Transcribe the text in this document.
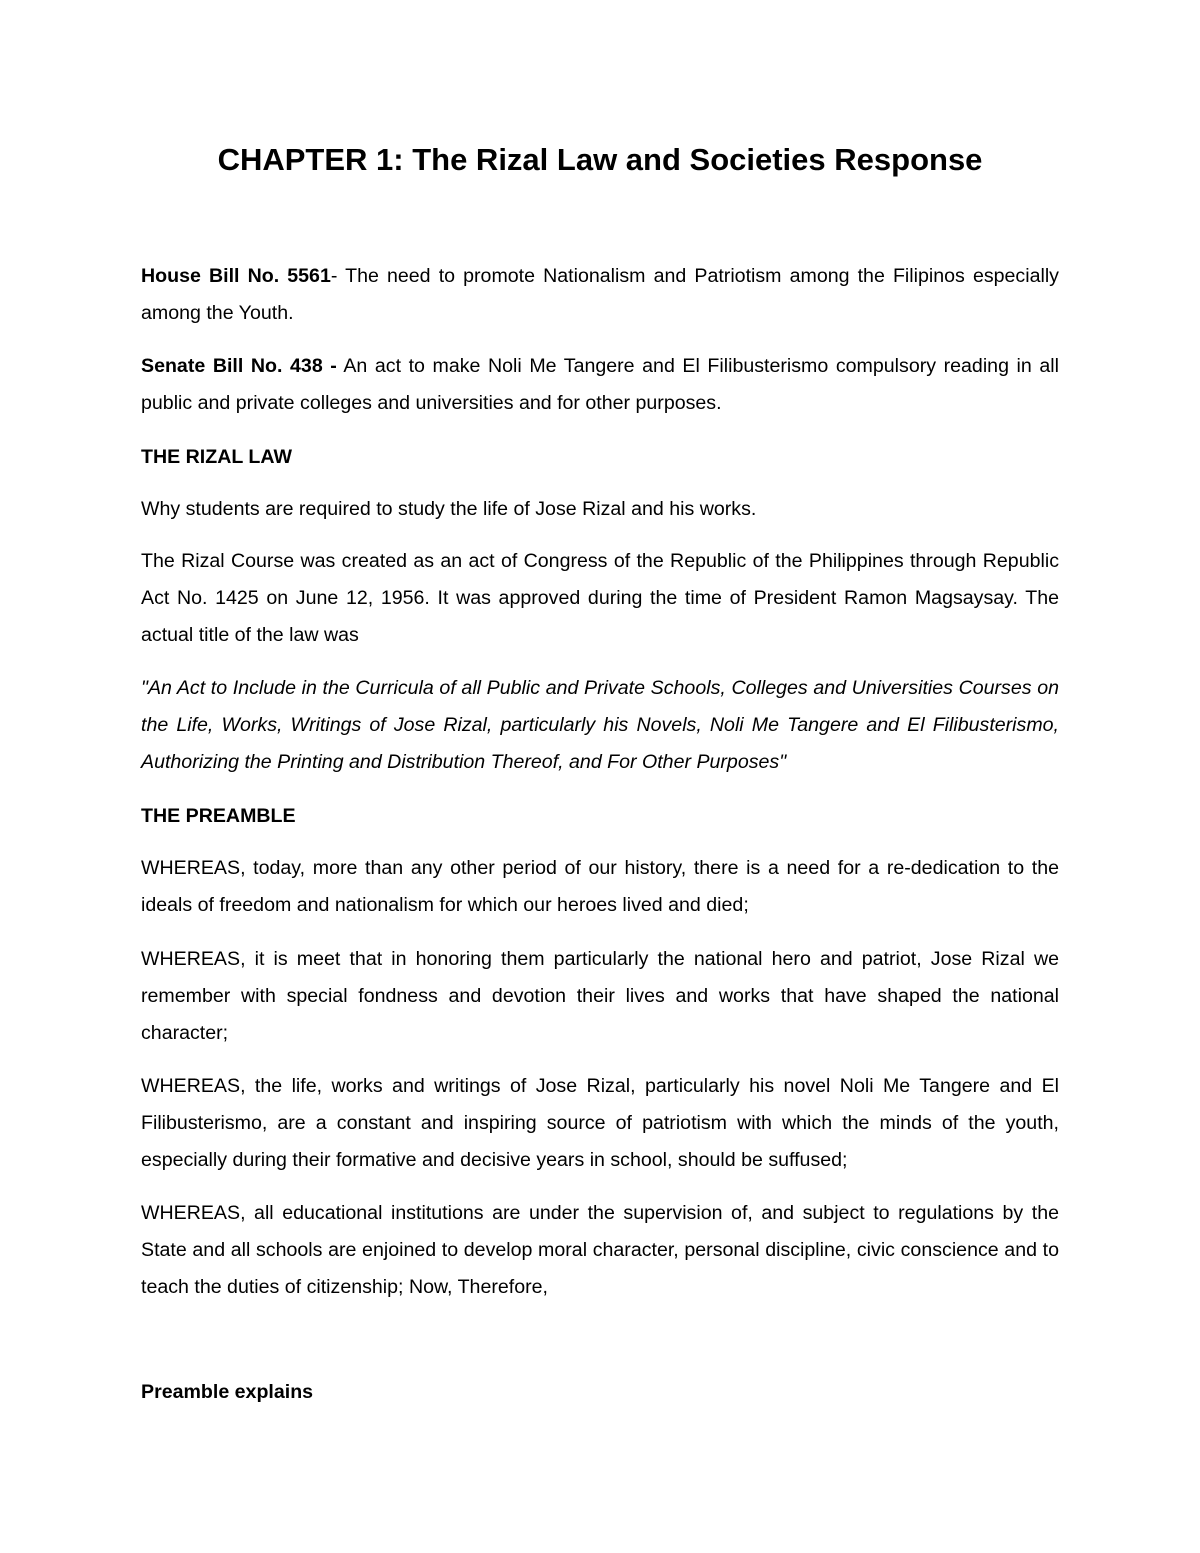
CHAPTER 1: The Rizal Law and Societies Response

House Bill No. 5561- The need to promote Nationalism and Patriotism among the Filipinos especially among the Youth.

Senate Bill No. 438 - An act to make Noli Me Tangere and El Filibusterismo compulsory reading in all public and private colleges and universities and for other purposes.

THE RIZAL LAW

Why students are required to study the life of Jose Rizal and his works.

The Rizal Course was created as an act of Congress of the Republic of the Philippines through Republic Act No. 1425 on June 12, 1956. It was approved during the time of President Ramon Magsaysay. The actual title of the law was

"An Act to Include in the Curricula of all Public and Private Schools, Colleges and Universities Courses on the Life, Works, Writings of Jose Rizal, particularly his Novels, Noli Me Tangere and El Filibusterismo, Authorizing the Printing and Distribution Thereof, and For Other Purposes"

THE PREAMBLE

WHEREAS, today, more than any other period of our history, there is a need for a re-dedication to the ideals of freedom and nationalism for which our heroes lived and died;

WHEREAS, it is meet that in honoring them particularly the national hero and patriot, Jose Rizal we remember with special fondness and devotion their lives and works that have shaped the national character;

WHEREAS, the life, works and writings of Jose Rizal, particularly his novel Noli Me Tangere and El Filibusterismo, are a constant and inspiring source of patriotism with which the minds of the youth, especially during their formative and decisive years in school, should be suffused;

WHEREAS, all educational institutions are under the supervision of, and subject to regulations by the State and all schools are enjoined to develop moral character, personal discipline, civic conscience and to teach the duties of citizenship; Now, Therefore,

Preamble explains
